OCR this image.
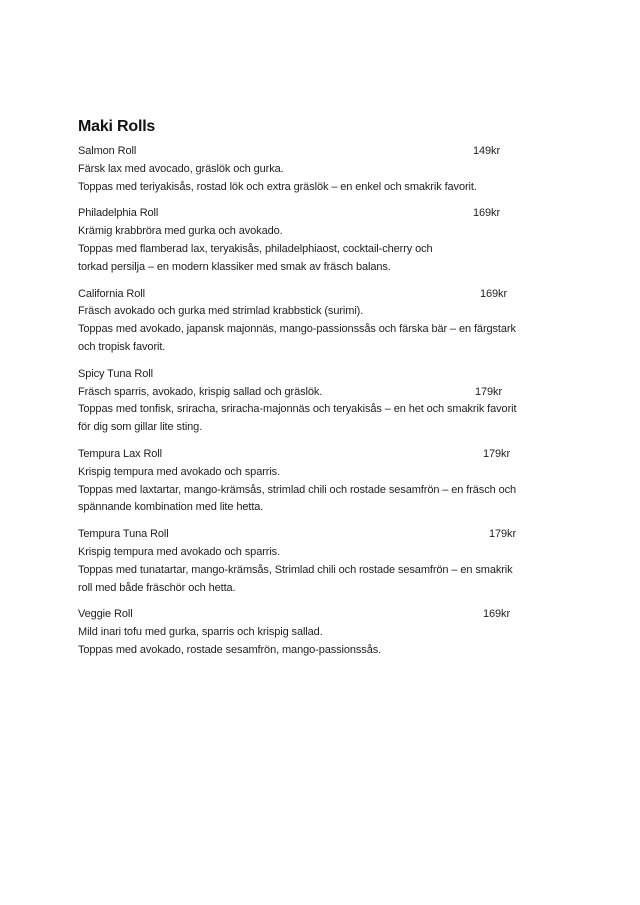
Maki Rolls
Salmon Roll	149kr
Färsk lax med avocado, gräslök och gurka.
Toppas med teriyakisås, rostad lök och extra gräslök – en enkel och smakrik favorit.
Philadelphia Roll	169kr
Krämig krabbröra med gurka och avokado.
Toppas med flamberad lax, teryakisås, philadelphiaost, cocktail-cherry och
torkad persilja – en modern klassiker med smak av fräsch balans.
California Roll	169kr
Fräsch avokado och gurka med strimlad krabbstick (surimi).
Toppas med avokado, japansk majonnäs, mango-passionssås och färska bär – en färgstark
och tropisk favorit.
Spicy Tuna Roll
Fräsch sparris, avokado, krispig sallad och gräslök.	179kr
Toppas med tonfisk, sriracha, sriracha-majonnäs och teryakisås – en het och smakrik favorit
för dig som gillar lite sting.
Tempura Lax Roll	179kr
Krispig tempura med avokado och sparris.
Toppas med laxtartar, mango-krämsås, strimlad chili och rostade sesamfrön – en fräsch och
spännande kombination med lite hetta.
Tempura Tuna Roll	179kr
Krispig tempura med avokado och sparris.
Toppas med tunatartar, mango-krämsås, Strimlad chili och rostade sesamfrön – en smakrik
roll med både fräschör och hetta.
Veggie Roll	169kr
Mild inari tofu med gurka, sparris och krispig sallad.
Toppas med avokado, rostade sesamfrön, mango-passionssås.
